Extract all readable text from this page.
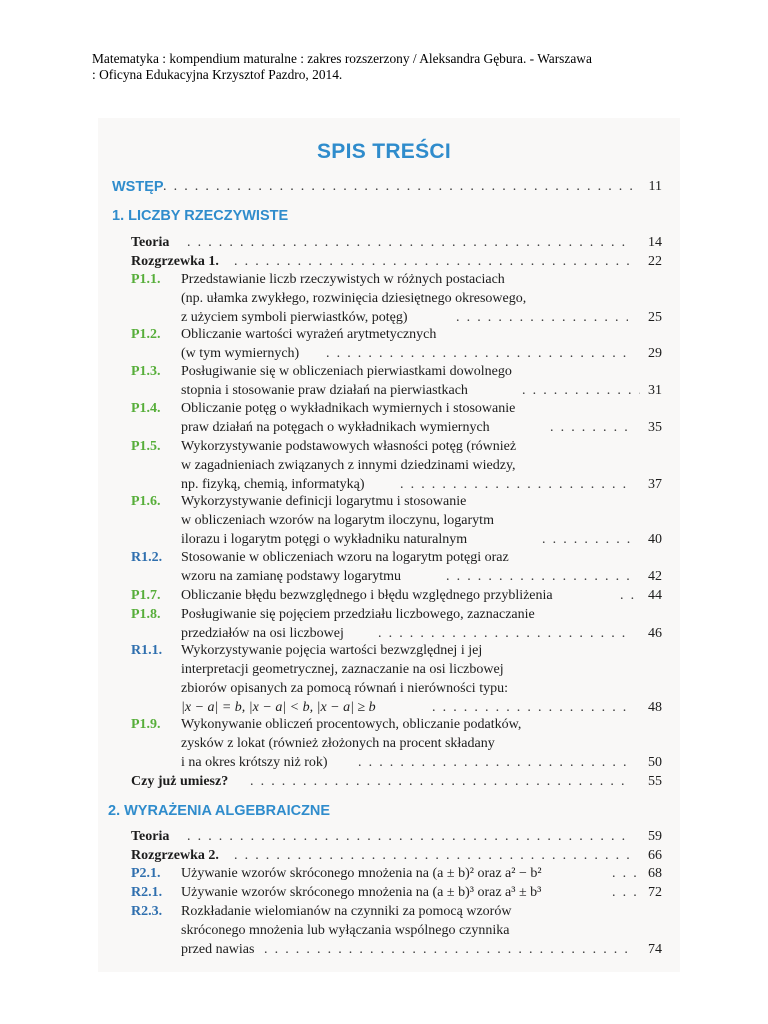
Matematyka : kompendium maturalne : zakres rozszerzony / Aleksandra Gębura. - Warszawa
: Oficyna Edukacyjna Krzysztof Pazdro, 2014.
SPIS TREŚCI
WSTĘP . . .	11
1. LICZBY RZECZYWISTE
Teoria . . .	14
Rozgrzewka 1. . . .	22
P1.1. Przedstawianie liczb rzeczywistych w różnych postaciach
(np. ułamka zwykłego, rozwinięcia dziesiętnego okresowego,
z użyciem symboli pierwiastków, potęg) . . .	25
P1.2. Obliczanie wartości wyrażeń arytmetycznych
(w tym wymiernych) . . .	29
P1.3. Posługiwanie się w obliczeniach pierwiastkami dowolnego
stopnia i stosowanie praw działań na pierwiastkach . . .	31
P1.4. Obliczanie potęg o wykładnikach wymiernych i stosowanie
praw działań na potęgach o wykładnikach wymiernych . . .	35
P1.5. Wykorzystywanie podstawowych własności potęg (również
w zagadnieniach związanych z innymi dziedzinami wiedzy,
np. fizyką, chemią, informatyką) . . .	37
P1.6. Wykorzystywanie definicji logarytmu i stosowanie
w obliczeniach wzorów na logarytm iloczynu, logarytm
ilorazu i logarytm potęgi o wykładniku naturalnym . . .	40
R1.2. Stosowanie w obliczeniach wzoru na logarytm potęgi oraz
wzoru na zamianę podstawy logarytmu . . .	42
P1.7. Obliczanie błędu bezwzględnego i błędu względnego przybliżenia . . .	44
P1.8. Posługiwanie się pojęciem przedziału liczbowego, zaznaczanie
przedziałów na osi liczbowej . . .	46
R1.1. Wykorzystywanie pojęcia wartości bezwzględnej i jej
interpretacji geometrycznej, zaznaczanie na osi liczbowej
zbiorów opisanych za pomocą równań i nierówności typu:
|x − a| = b, |x − a| < b, |x − a| ≥ b . . .	48
P1.9. Wykonywanie obliczeń procentowych, obliczanie podatków,
zysków z lokat (również złożonych na procent składany
i na okres krótszy niż rok) . . .	50
Czy już umiesz? . . .	55
2. WYRAŻENIA ALGEBRAICZNE
Teoria . . .	59
Rozgrzewka 2. . . .	66
P2.1. Używanie wzorów skróconego mnożenia na (a ± b)² oraz a² − b² . . .	68
R2.1. Używanie wzorów skróconego mnożenia na (a ± b)³ oraz a³ ± b³ . . .	72
R2.3. Rozkładanie wielomianów na czynniki za pomocą wzorów
skróconego mnożenia lub wyłączania wspólnego czynnika
przed nawias . . .	74
